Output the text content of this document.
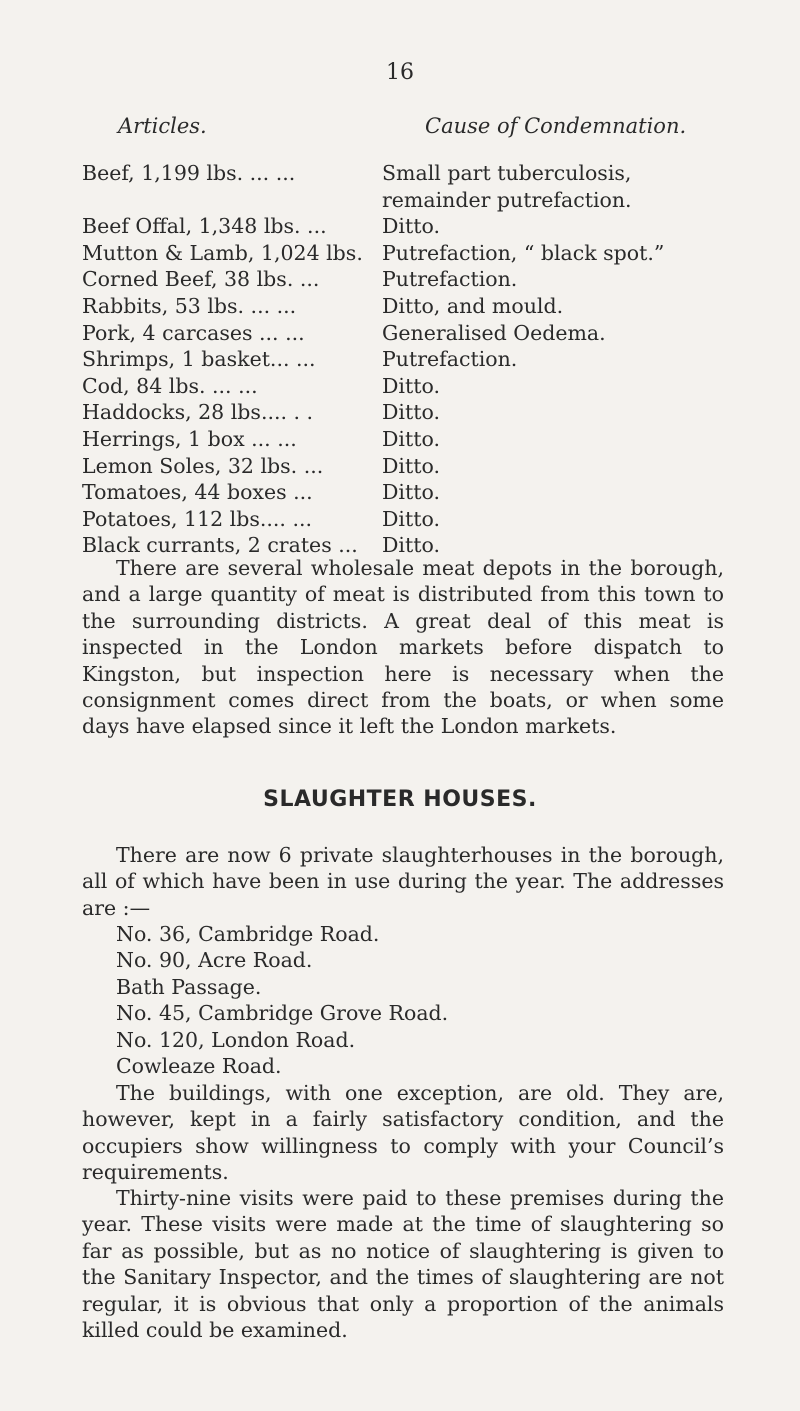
16
Articles.	Cause of Condemnation.
Beef, 1,199 lbs. ... ...	Small part tuberculosis, remainder putrefaction.
Beef Offal, 1,348 lbs. ...	Ditto.
Mutton & Lamb, 1,024 lbs. Putrefaction, “ black spot.”
Corned Beef, 38 lbs. ...	Putrefaction.
Rabbits, 53 lbs. ... ...	Ditto, and mould.
Pork, 4 carcases ... ...	Generalised Oedema.
Shrimps, 1 basket... ...	Putrefaction.
Cod, 84 lbs. ... ...	Ditto.
Haddocks, 28 lbs.... . .	Ditto.
Herrings, 1 box ... ...	Ditto.
Lemon Soles, 32 lbs. ...	Ditto.
Tomatoes, 44 boxes ...	Ditto.
Potatoes, 112 lbs.... ...	Ditto.
Black currants, 2 crates ...	Ditto.

There are several wholesale meat depots in the borough, and a large quantity of meat is distributed from this town to the surrounding districts. A great deal of this meat is inspected in the London markets before dispatch to Kingston, but inspection here is necessary when the consignment comes direct from the boats, or when some days have elapsed since it left the London markets.

SLAUGHTER HOUSES.

There are now 6 private slaughterhouses in the borough, all of which have been in use during the year. The addresses are :—

No. 36, Cambridge Road.
No. 90, Acre Road.
Bath Passage.
No. 45, Cambridge Grove Road.
No. 120, London Road.
Cowleaze Road.

The buildings, with one exception, are old. They are, however, kept in a fairly satisfactory condition, and the occupiers show willingness to comply with your Council’s requirements.

Thirty-nine visits were paid to these premises during the year. These visits were made at the time of slaughtering so far as possible, but as no notice of slaughtering is given to the Sanitary Inspector, and the times of slaughtering are not regular, it is obvious that only a proportion of the animals killed could be examined.
